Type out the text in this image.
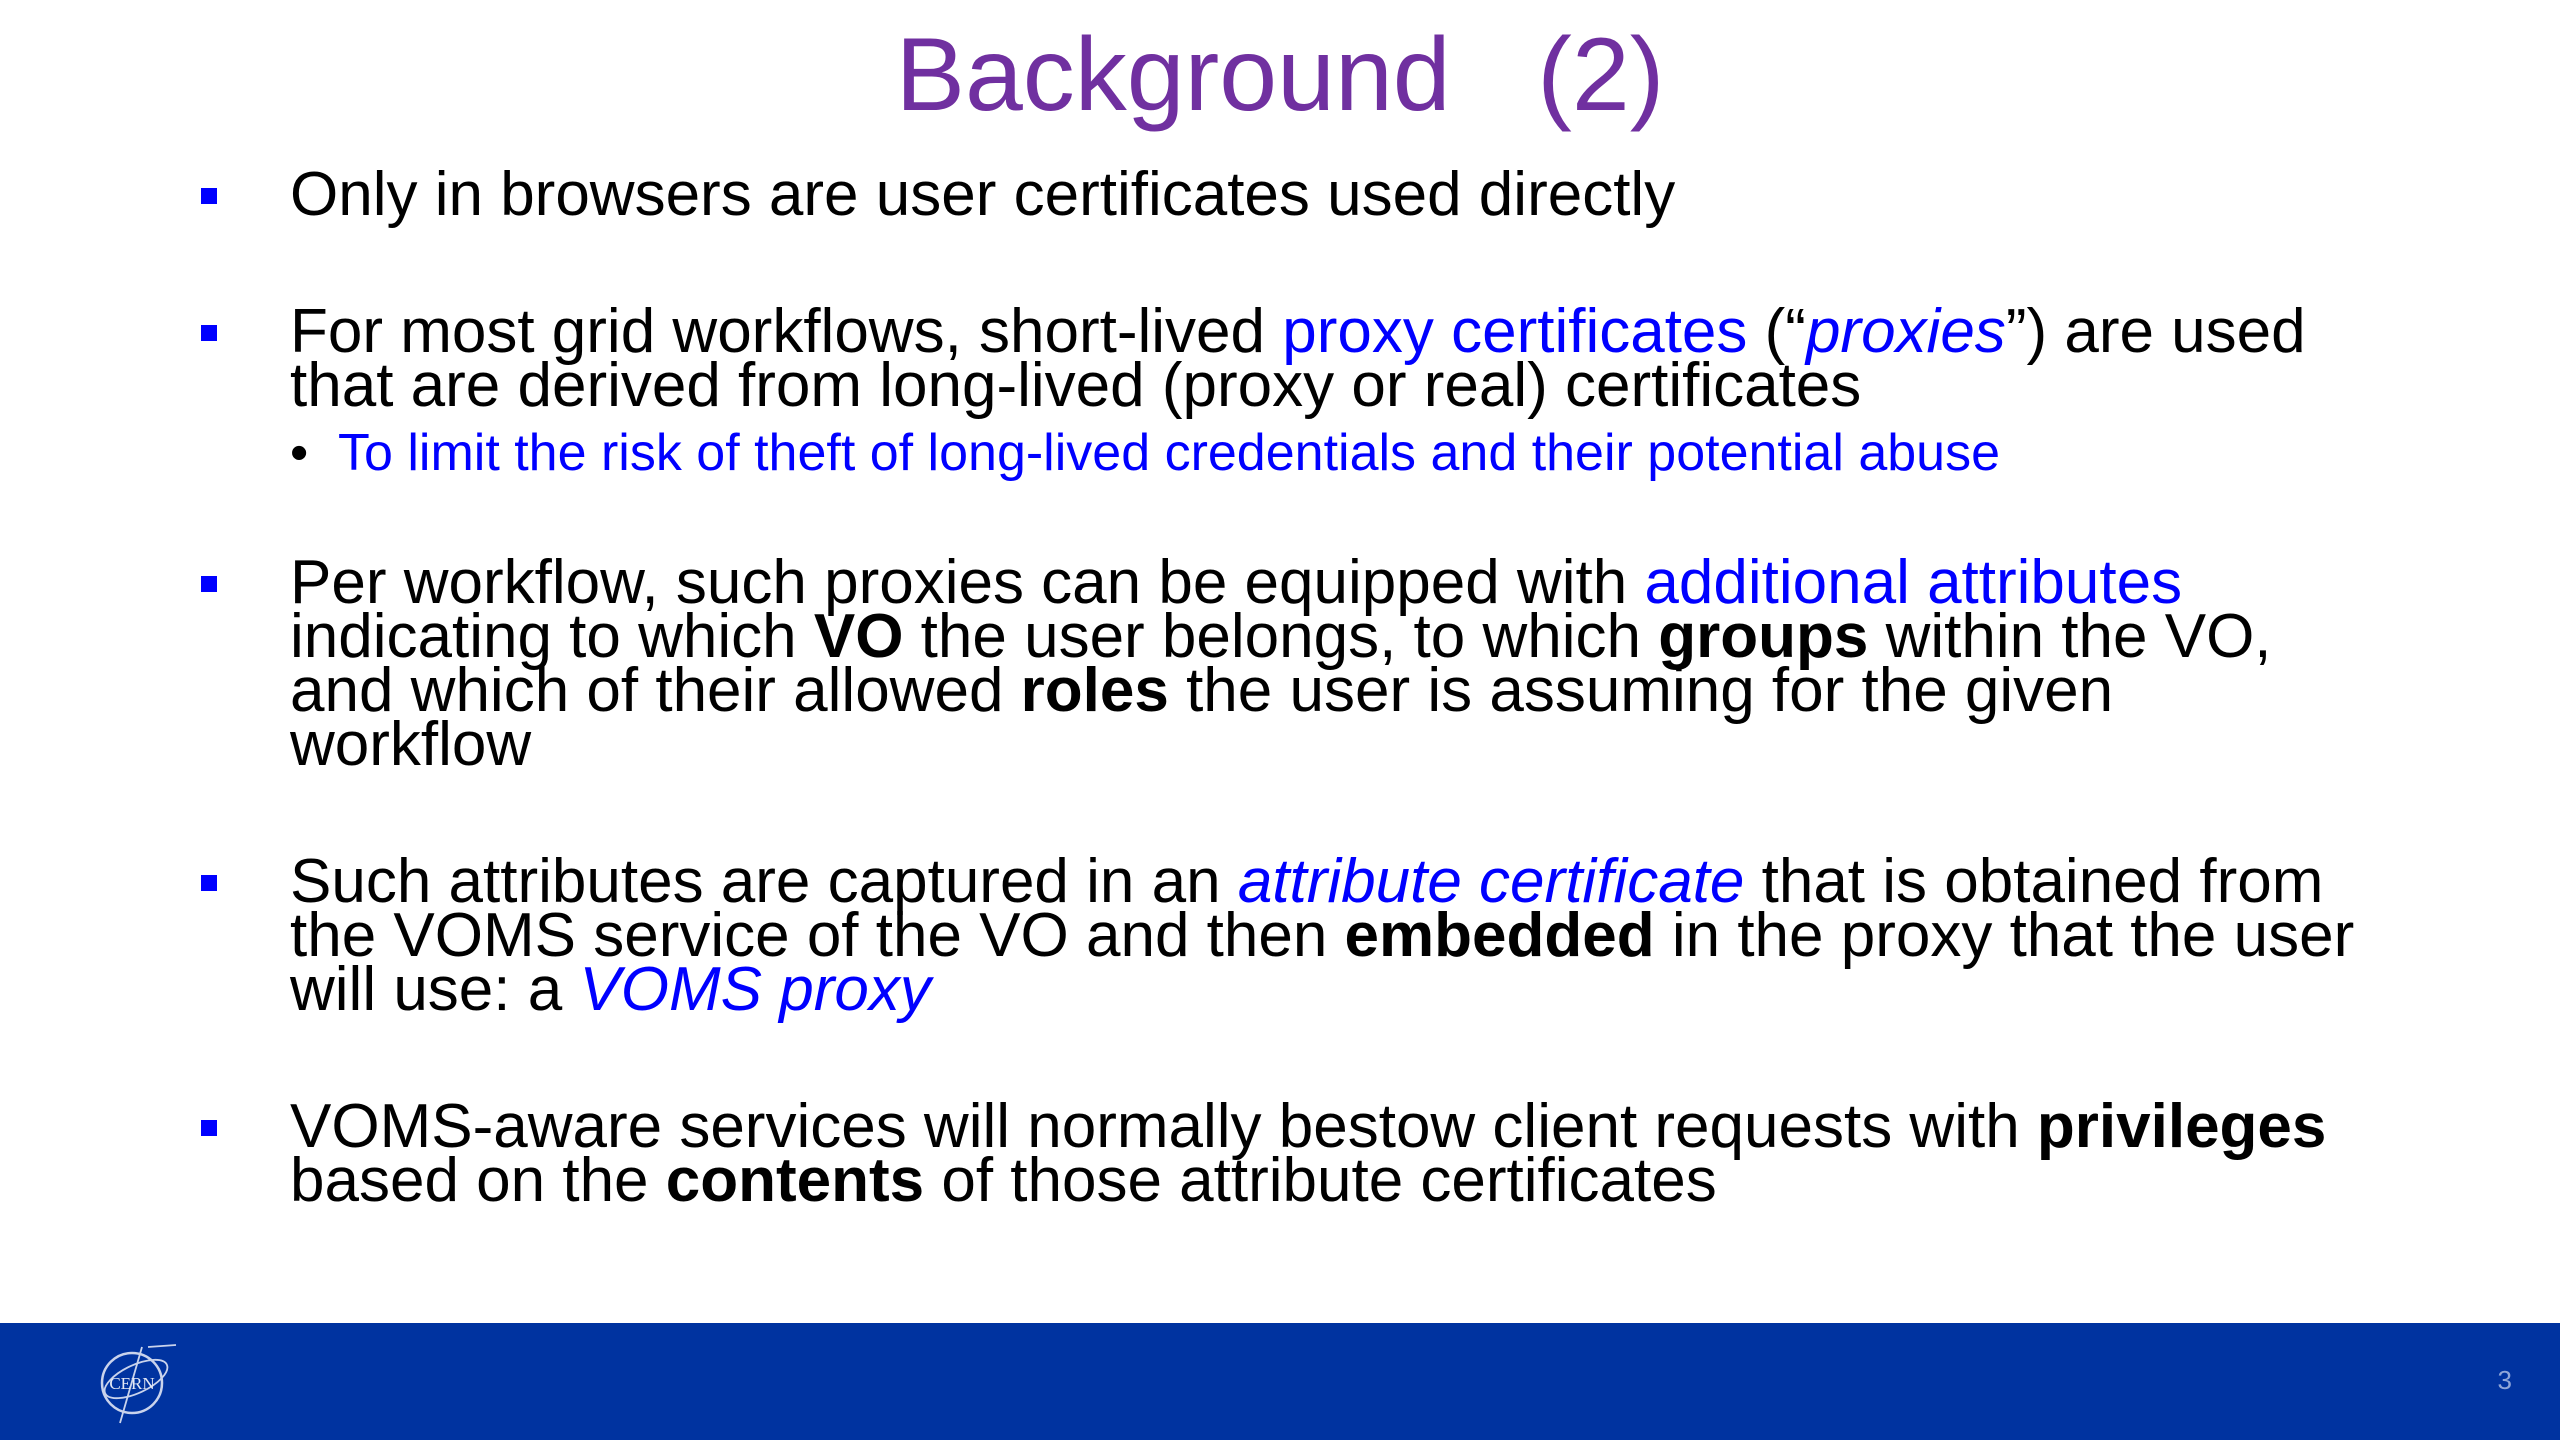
Background   (2)

Only in browsers are user certificates used directly

For most grid workflows, short-lived proxy certificates (“proxies”) are used
that are derived from long-lived (proxy or real) certificates

• To limit the risk of theft of long-lived credentials and their potential abuse

Per workflow, such proxies can be equipped with additional attributes
indicating to which VO the user belongs, to which groups within the VO,
and which of their allowed roles the user is assuming for the given
workflow

Such attributes are captured in an attribute certificate that is obtained from
the VOMS service of the VO and then embedded in the proxy that the user
will use: a VOMS proxy

VOMS-aware services will normally bestow client requests with privileges
based on the contents of those attribute certificates

CERN	3
